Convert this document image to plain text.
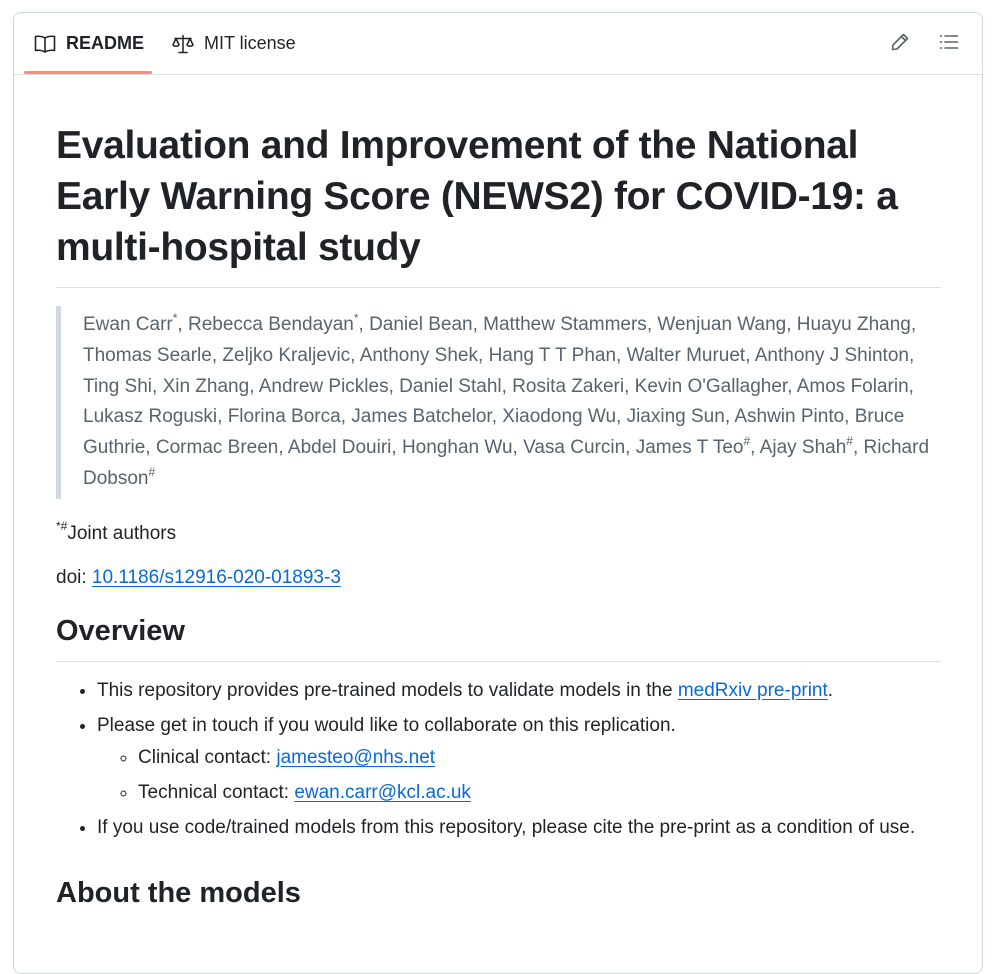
README	MIT license
Evaluation and Improvement of the National Early Warning Score (NEWS2) for COVID-19: a multi-hospital study
Ewan Carr*, Rebecca Bendayan*, Daniel Bean, Matthew Stammers, Wenjuan Wang, Huayu Zhang, Thomas Searle, Zeljko Kraljevic, Anthony Shek, Hang T T Phan, Walter Muruet, Anthony J Shinton, Ting Shi, Xin Zhang, Andrew Pickles, Daniel Stahl, Rosita Zakeri, Kevin O'Gallagher, Amos Folarin, Lukasz Roguski, Florina Borca, James Batchelor, Xiaodong Wu, Jiaxing Sun, Ashwin Pinto, Bruce Guthrie, Cormac Breen, Abdel Douiri, Honghan Wu, Vasa Curcin, James T Teo#, Ajay Shah#, Richard Dobson#

*#Joint authors

doi: 10.1186/s12916-020-01893-3

Overview
• This repository provides pre-trained models to validate models in the medRxiv pre-print.
• Please get in touch if you would like to collaborate on this replication.
◦ Clinical contact: jamesteo@nhs.net
◦ Technical contact: ewan.carr@kcl.ac.uk
• If you use code/trained models from this repository, please cite the pre-print as a condition of use.
About the models
